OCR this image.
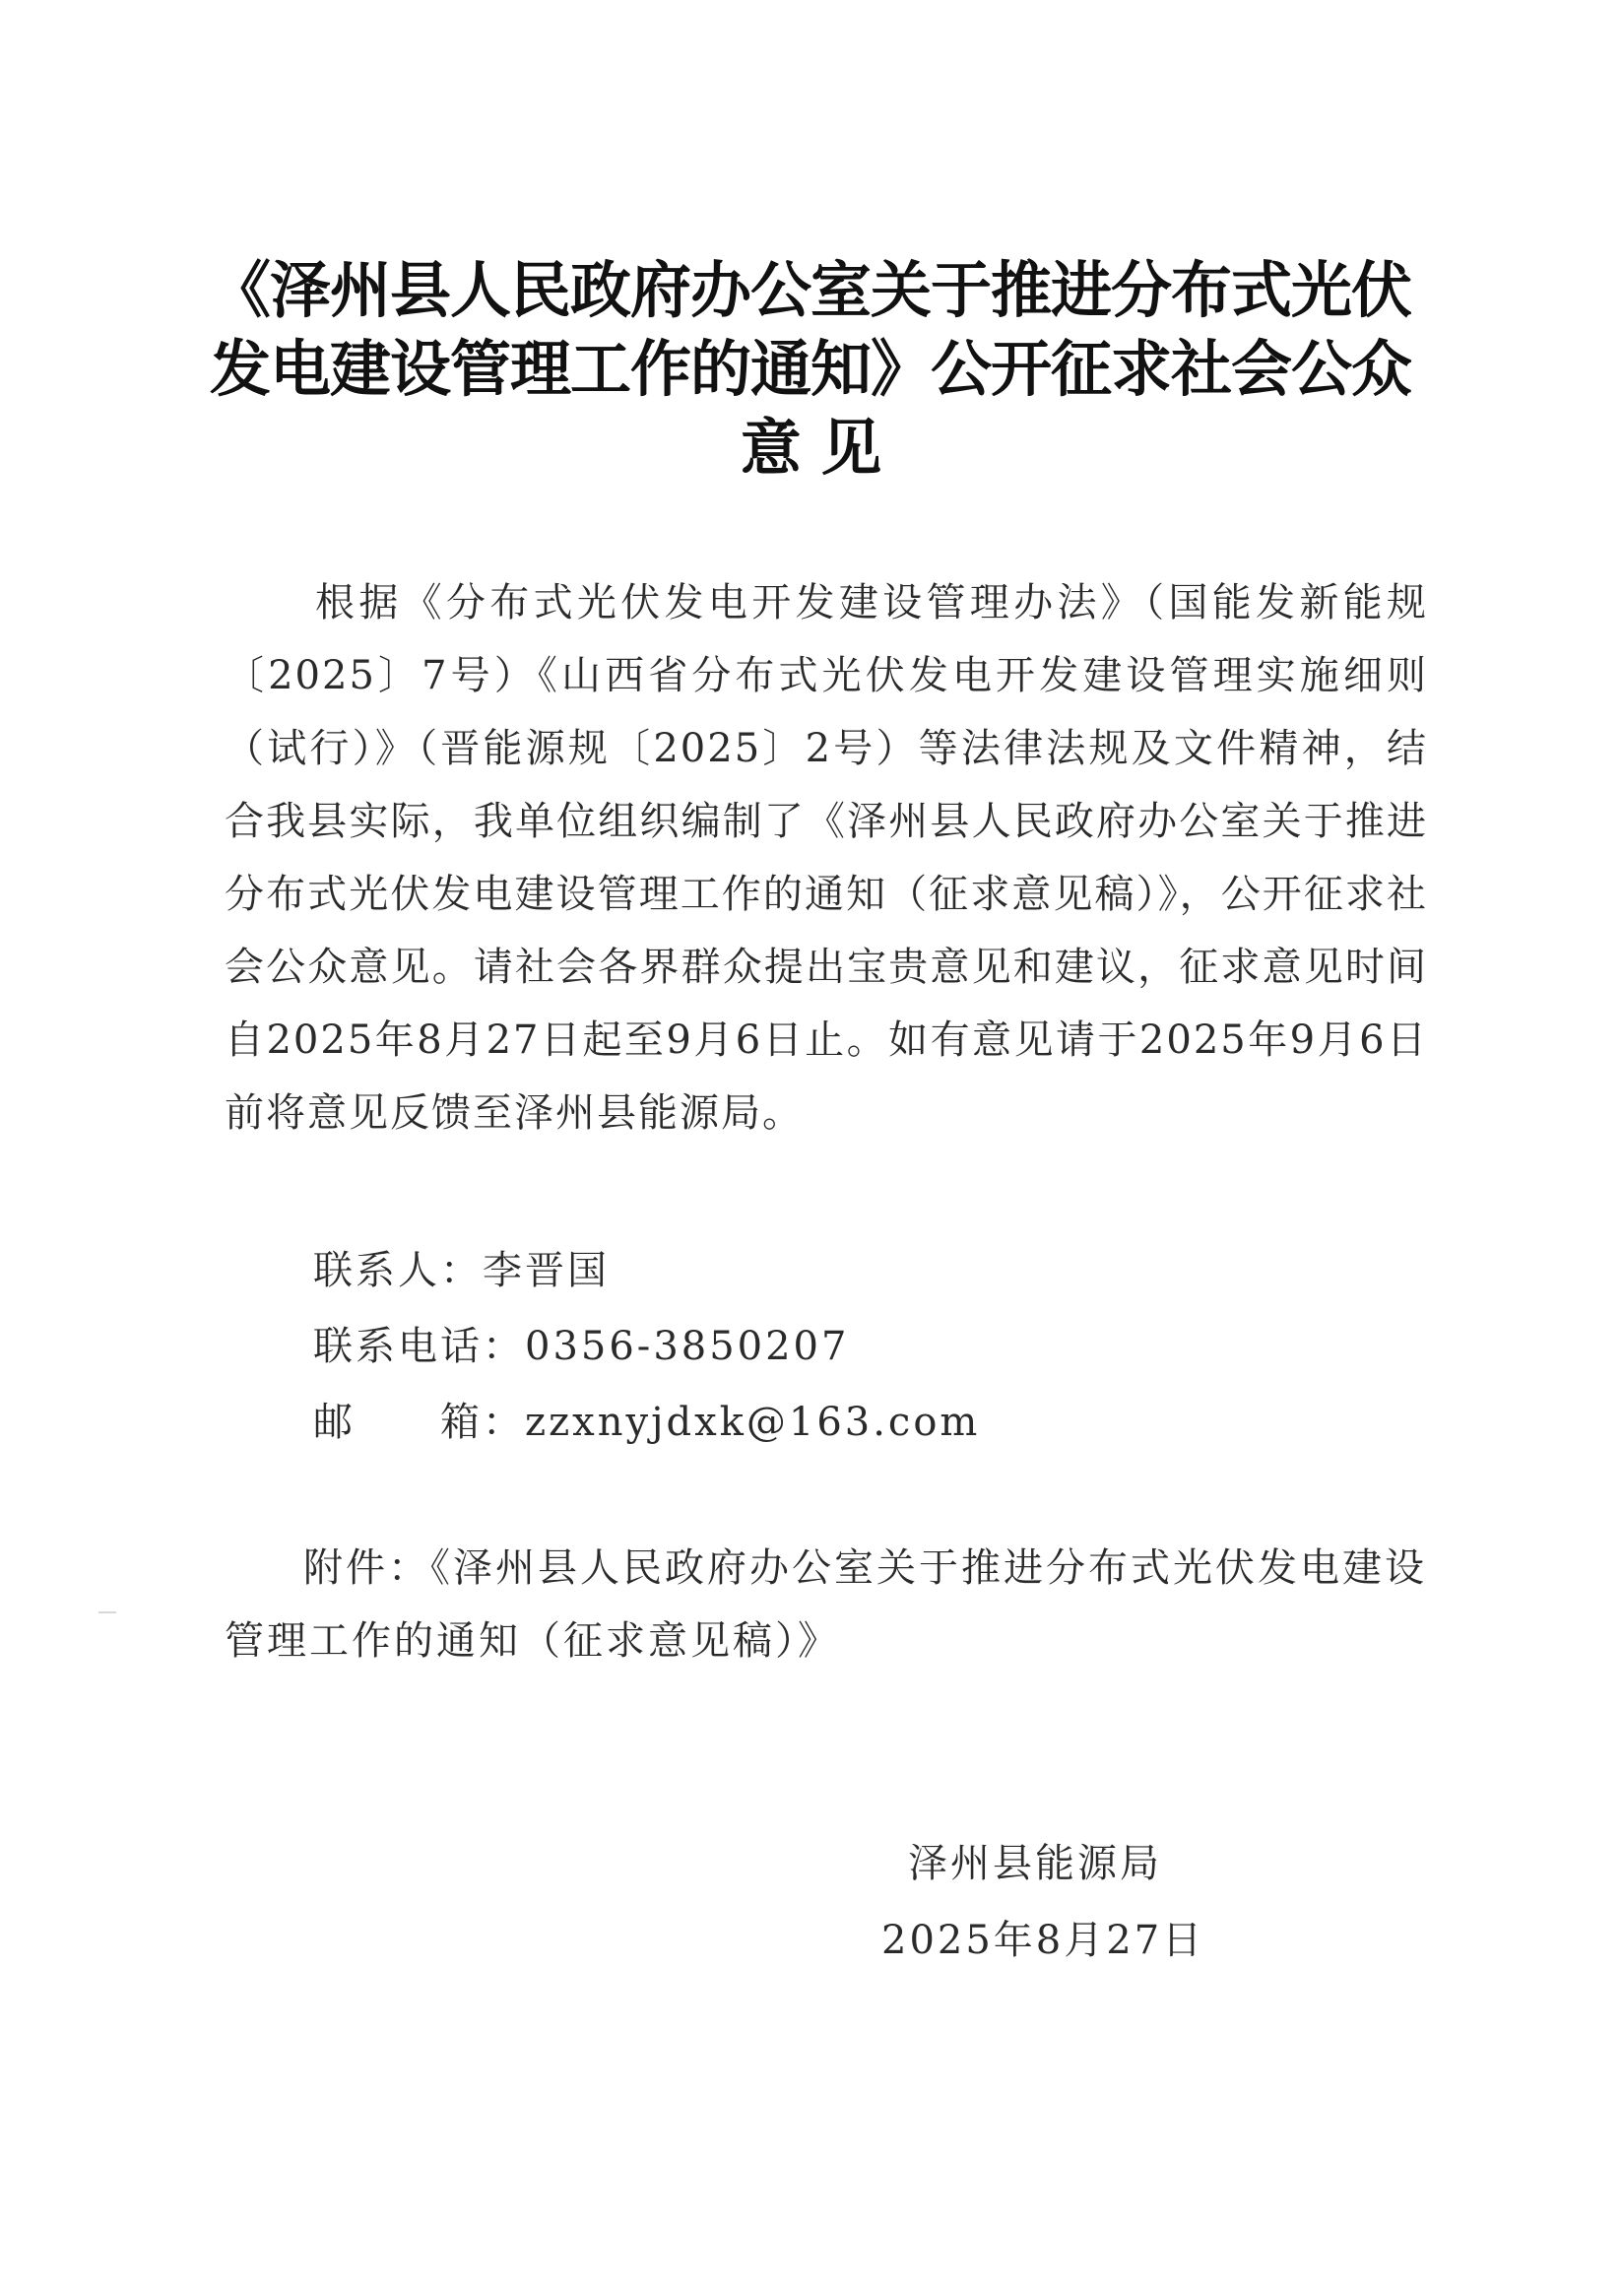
《泽州县人民政府办公室关于推进分布式光伏
发电建设管理工作的通知》公开征求社会公众
意 见
根据《分布式光伏发电开发建设管理办法》（国能发新能规〔2025〕7号）《山西省分布式光伏发电开发建设管理实施细则（试行）》（晋能源规〔2025〕2号）等法律法规及文件精神，结合我县实际，我单位组织编制了《泽州县人民政府办公室关于推进分布式光伏发电建设管理工作的通知（征求意见稿）》，公开征求社会公众意见。请社会各界群众提出宝贵意见和建议，征求意见时间自2025年8月27日起至9月6日止。如有意见请于2025年9月6日前将意见反馈至泽州县能源局。
联系人：李晋国
联系电话：0356-3850207
邮　　箱：zzxnyjdxk@163.com
附件：《泽州县人民政府办公室关于推进分布式光伏发电建设管理工作的通知（征求意见稿）》
泽州县能源局
2025年8月27日
